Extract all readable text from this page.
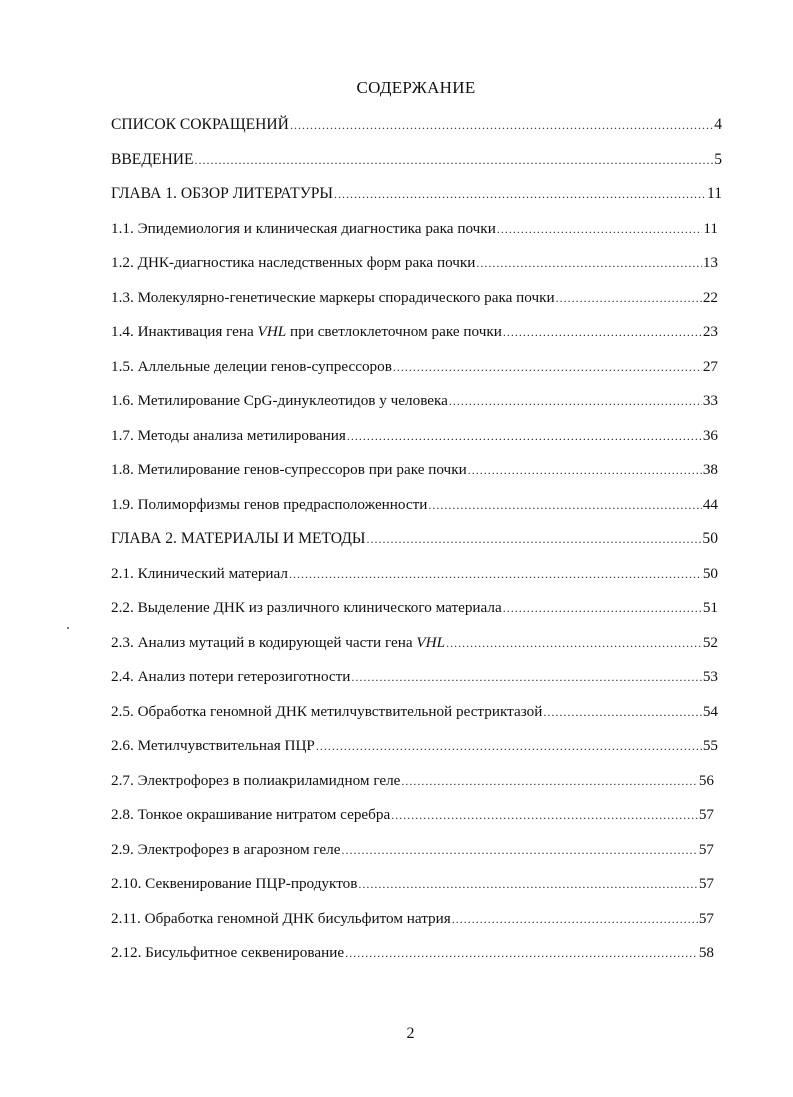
СОДЕРЖАНИЕ
СПИСОК СОКРАЩЕНИЙ .....	4
ВВЕДЕНИЕ .....	5
ГЛАВА 1. ОБЗОР ЛИТЕРАТУРЫ .....	11
1.1. Эпидемиология и клиническая диагностика рака почки .....	11
1.2. ДНК-диагностика наследственных форм рака почки .....	13
1.3. Молекулярно-генетические маркеры спорадического рака почки .....	22
1.4. Инактивация гена VHL при светлоклеточном раке почки .....	23
1.5. Аллельные делеции генов-супрессоров .....	27
1.6. Метилирование CpG-динуклеотидов у человека .....	33
1.7. Методы анализа метилирования .....	36
1.8. Метилирование генов-супрессоров при раке почки .....	38
1.9. Полиморфизмы генов предрасположенности .....	44
ГЛАВА 2. МАТЕРИАЛЫ И МЕТОДЫ .....	50
2.1. Клинический материал .....	50
2.2. Выделение ДНК из различного клинического материала .....	51
2.3. Анализ мутаций в кодирующей части гена VHL .....	52
2.4. Анализ потери гетерозиготности .....	53
2.5. Обработка геномной ДНК метилчувствительной рестриктазой .....	54
2.6. Метилчувствительная ПЦР .....	55
2.7. Электрофорез в полиакриламидном геле .....	56
2.8. Тонкое окрашивание нитратом серебра .....	57
2.9. Электрофорез в агарозном геле .....	57
2.10. Секвенирование ПЦР-продуктов .....	57
2.11. Обработка геномной ДНК бисульфитом натрия .....	57
2.12. Бисульфитное секвенирование .....	58
2
